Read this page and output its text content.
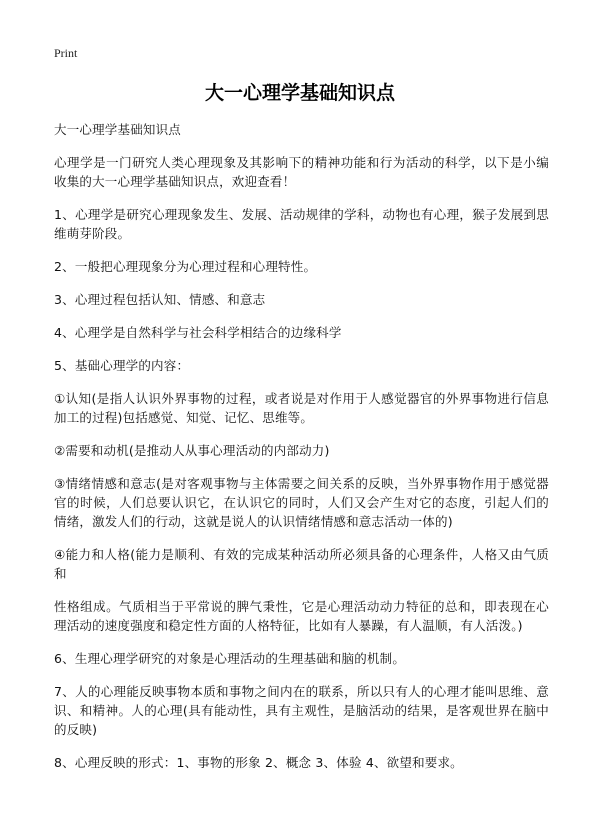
Print
大一心理学基础知识点

大一心理学基础知识点

心理学是一门研究人类心理现象及其影响下的精神功能和行为活动的科学，以下是小编收集的大一心理学基础知识点，欢迎查看！

1、心理学是研究心理现象发生、发展、活动规律的学科，动物也有心理，猴子发展到思维萌芽阶段。

2、一般把心理现象分为心理过程和心理特性。

3、心理过程包括认知、情感、和意志

4、心理学是自然科学与社会科学相结合的边缘科学

5、基础心理学的内容：

①认知(是指人认识外界事物的过程，或者说是对作用于人感觉器官的外界事物进行信息加工的过程)包括感觉、知觉、记忆、思维等。

②需要和动机(是推动人从事心理活动的内部动力)

③情绪情感和意志(是对客观事物与主体需要之间关系的反映，当外界事物作用于感觉器官的时候，人们总要认识它，在认识它的同时，人们又会产生对它的态度，引起人们的情绪，激发人们的行动，这就是说人的认识情绪情感和意志活动一体的)

④能力和人格(能力是顺利、有效的完成某种活动所必须具备的心理条件，人格又由气质和

性格组成。气质相当于平常说的脾气秉性，它是心理活动动力特征的总和，即表现在心理活动的速度强度和稳定性方面的人格特征，比如有人暴躁，有人温顺，有人活泼。)

6、生理心理学研究的对象是心理活动的生理基础和脑的机制。

7、人的心理能反映事物本质和事物之间内在的联系，所以只有人的心理才能叫思维、意识、和精神。人的心理(具有能动性，具有主观性，是脑活动的结果，是客观世界在脑中的反映)

8、心理反映的形式：1、事物的形象 2、概念 3、体验 4、欲望和要求。
